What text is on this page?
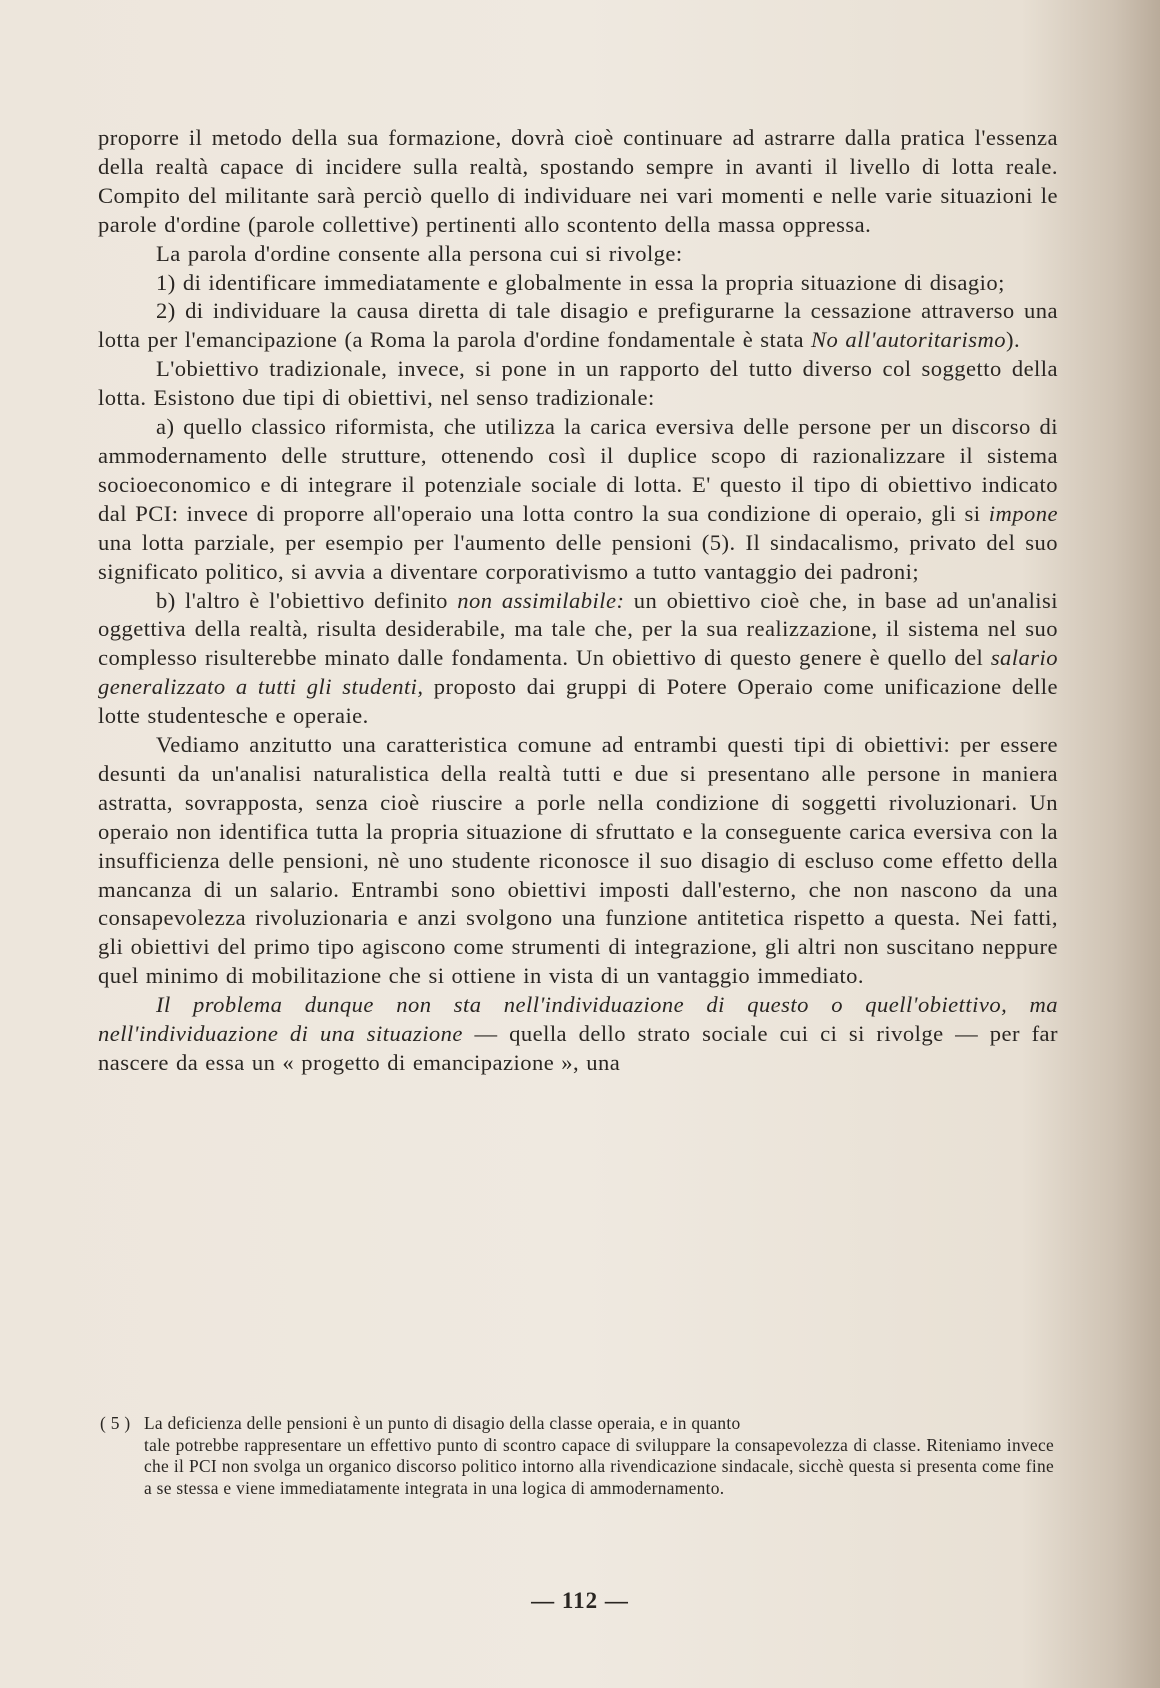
proporre il metodo della sua formazione, dovrà cioè continuare ad astrarre dalla pratica l'essenza della realtà capace di incidere sulla realtà, spostando sempre in avanti il livello di lotta reale. Compito del militante sarà perciò quello di individuare nei vari momenti e nelle varie situazioni le parole d'ordine (parole collettive) pertinenti allo scontento della massa oppressa.

La parola d'ordine consente alla persona cui si rivolge:

1) di identificare immediatamente e globalmente in essa la propria situazione di disagio;

2) di individuare la causa diretta di tale disagio e prefigurarne la cessazione attraverso una lotta per l'emancipazione (a Roma la parola d'ordine fondamentale è stata No all'autoritarismo).

L'obiettivo tradizionale, invece, si pone in un rapporto del tutto diverso col soggetto della lotta. Esistono due tipi di obiettivi, nel senso tradizionale:

a) quello classico riformista, che utilizza la carica eversiva delle persone per un discorso di ammodernamento delle strutture, ottenendo così il duplice scopo di razionalizzare il sistema socioeconomico e di integrare il potenziale sociale di lotta. E' questo il tipo di obiettivo indicato dal PCI: invece di proporre all'operaio una lotta contro la sua condizione di operaio, gli si impone una lotta parziale, per esempio per l'aumento delle pensioni (5). Il sindacalismo, privato del suo significato politico, si avvia a diventare corporativismo a tutto vantaggio dei padroni;

b) l'altro è l'obiettivo definito non assimilabile: un obiettivo cioè che, in base ad un'analisi oggettiva della realtà, risulta desiderabile, ma tale che, per la sua realizzazione, il sistema nel suo complesso risulterebbe minato dalle fondamenta. Un obiettivo di questo genere è quello del salario generalizzato a tutti gli studenti, proposto dai gruppi di Potere Operaio come unificazione delle lotte studentesche e operaie.

Vediamo anzitutto una caratteristica comune ad entrambi questi tipi di obiettivi: per essere desunti da un'analisi naturalistica della realtà tutti e due si presentano alle persone in maniera astratta, sovrapposta, senza cioè riuscire a porle nella condizione di soggetti rivoluzionari. Un operaio non identifica tutta la propria situazione di sfruttato e la conseguente carica eversiva con la insufficienza delle pensioni, nè uno studente riconosce il suo disagio di escluso come effetto della mancanza di un salario. Entrambi sono obiettivi imposti dall'esterno, che non nascono da una consapevolezza rivoluzionaria e anzi svolgono una funzione antitetica rispetto a questa. Nei fatti, gli obiettivi del primo tipo agiscono come strumenti di integrazione, gli altri non suscitano neppure quel minimo di mobilitazione che si ottiene in vista di un vantaggio immediato.

Il problema dunque non sta nell'individuazione di questo o quell'obiettivo, ma nell'individuazione di una situazione — quella dello strato sociale cui ci si rivolge — per far nascere da essa un « progetto di emancipazione », una

( 5 ) La deficienza delle pensioni è un punto di disagio della classe operaia, e in quanto
tale potrebbe rappresentare un effettivo punto di scontro capace di sviluppare la consapevolezza di classe. Riteniamo invece che il PCI non svolga un organico discorso politico intorno alla rivendicazione sindacale, sicchè questa si presenta come fine a se stessa e viene immediatamente integrata in una logica di ammodernamento.
— 112 —
